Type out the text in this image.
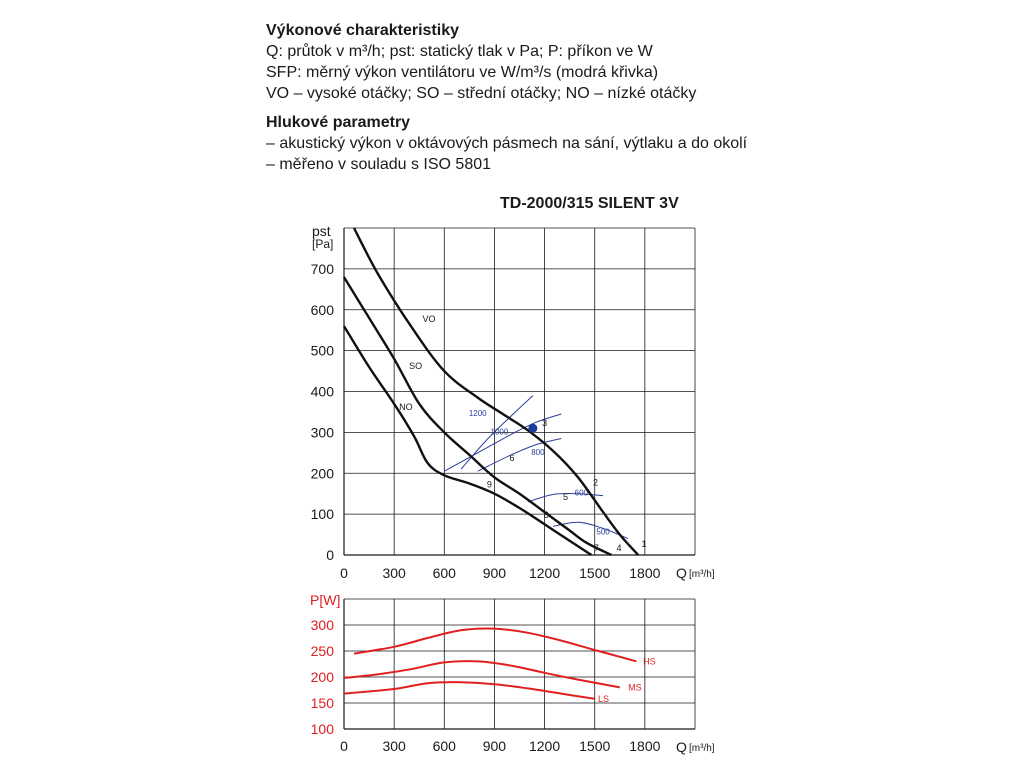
Výkonové charakteristiky
Q: průtok v m³/h; pst: statický tlak v Pa; P: příkon ve W
SFP: měrný výkon ventilátoru ve W/m³/s (modrá křivka)
VO – vysoké otáčky; SO – střední otáčky; NO – nízké otáčky
Hlukové parametry
– akustický výkon v oktávových pásmech na sání, výtlaku a do okolí
– měřeno v souladu s ISO 5801
TD-2000/315 SILENT 3V
0
100
200
300
400
500
600
700
0 300 600 900 1200 1500 1800
pst
[Pa]
Q [m³/h]
1200
1000
800
600
500
VO
SO
NO
1
2
3
4
5
6
7
8
9
100
150
200
250
300
0 300 600 900 1200 1500 1800
P[W]
Q [m³/h]
HS
MS
LS
